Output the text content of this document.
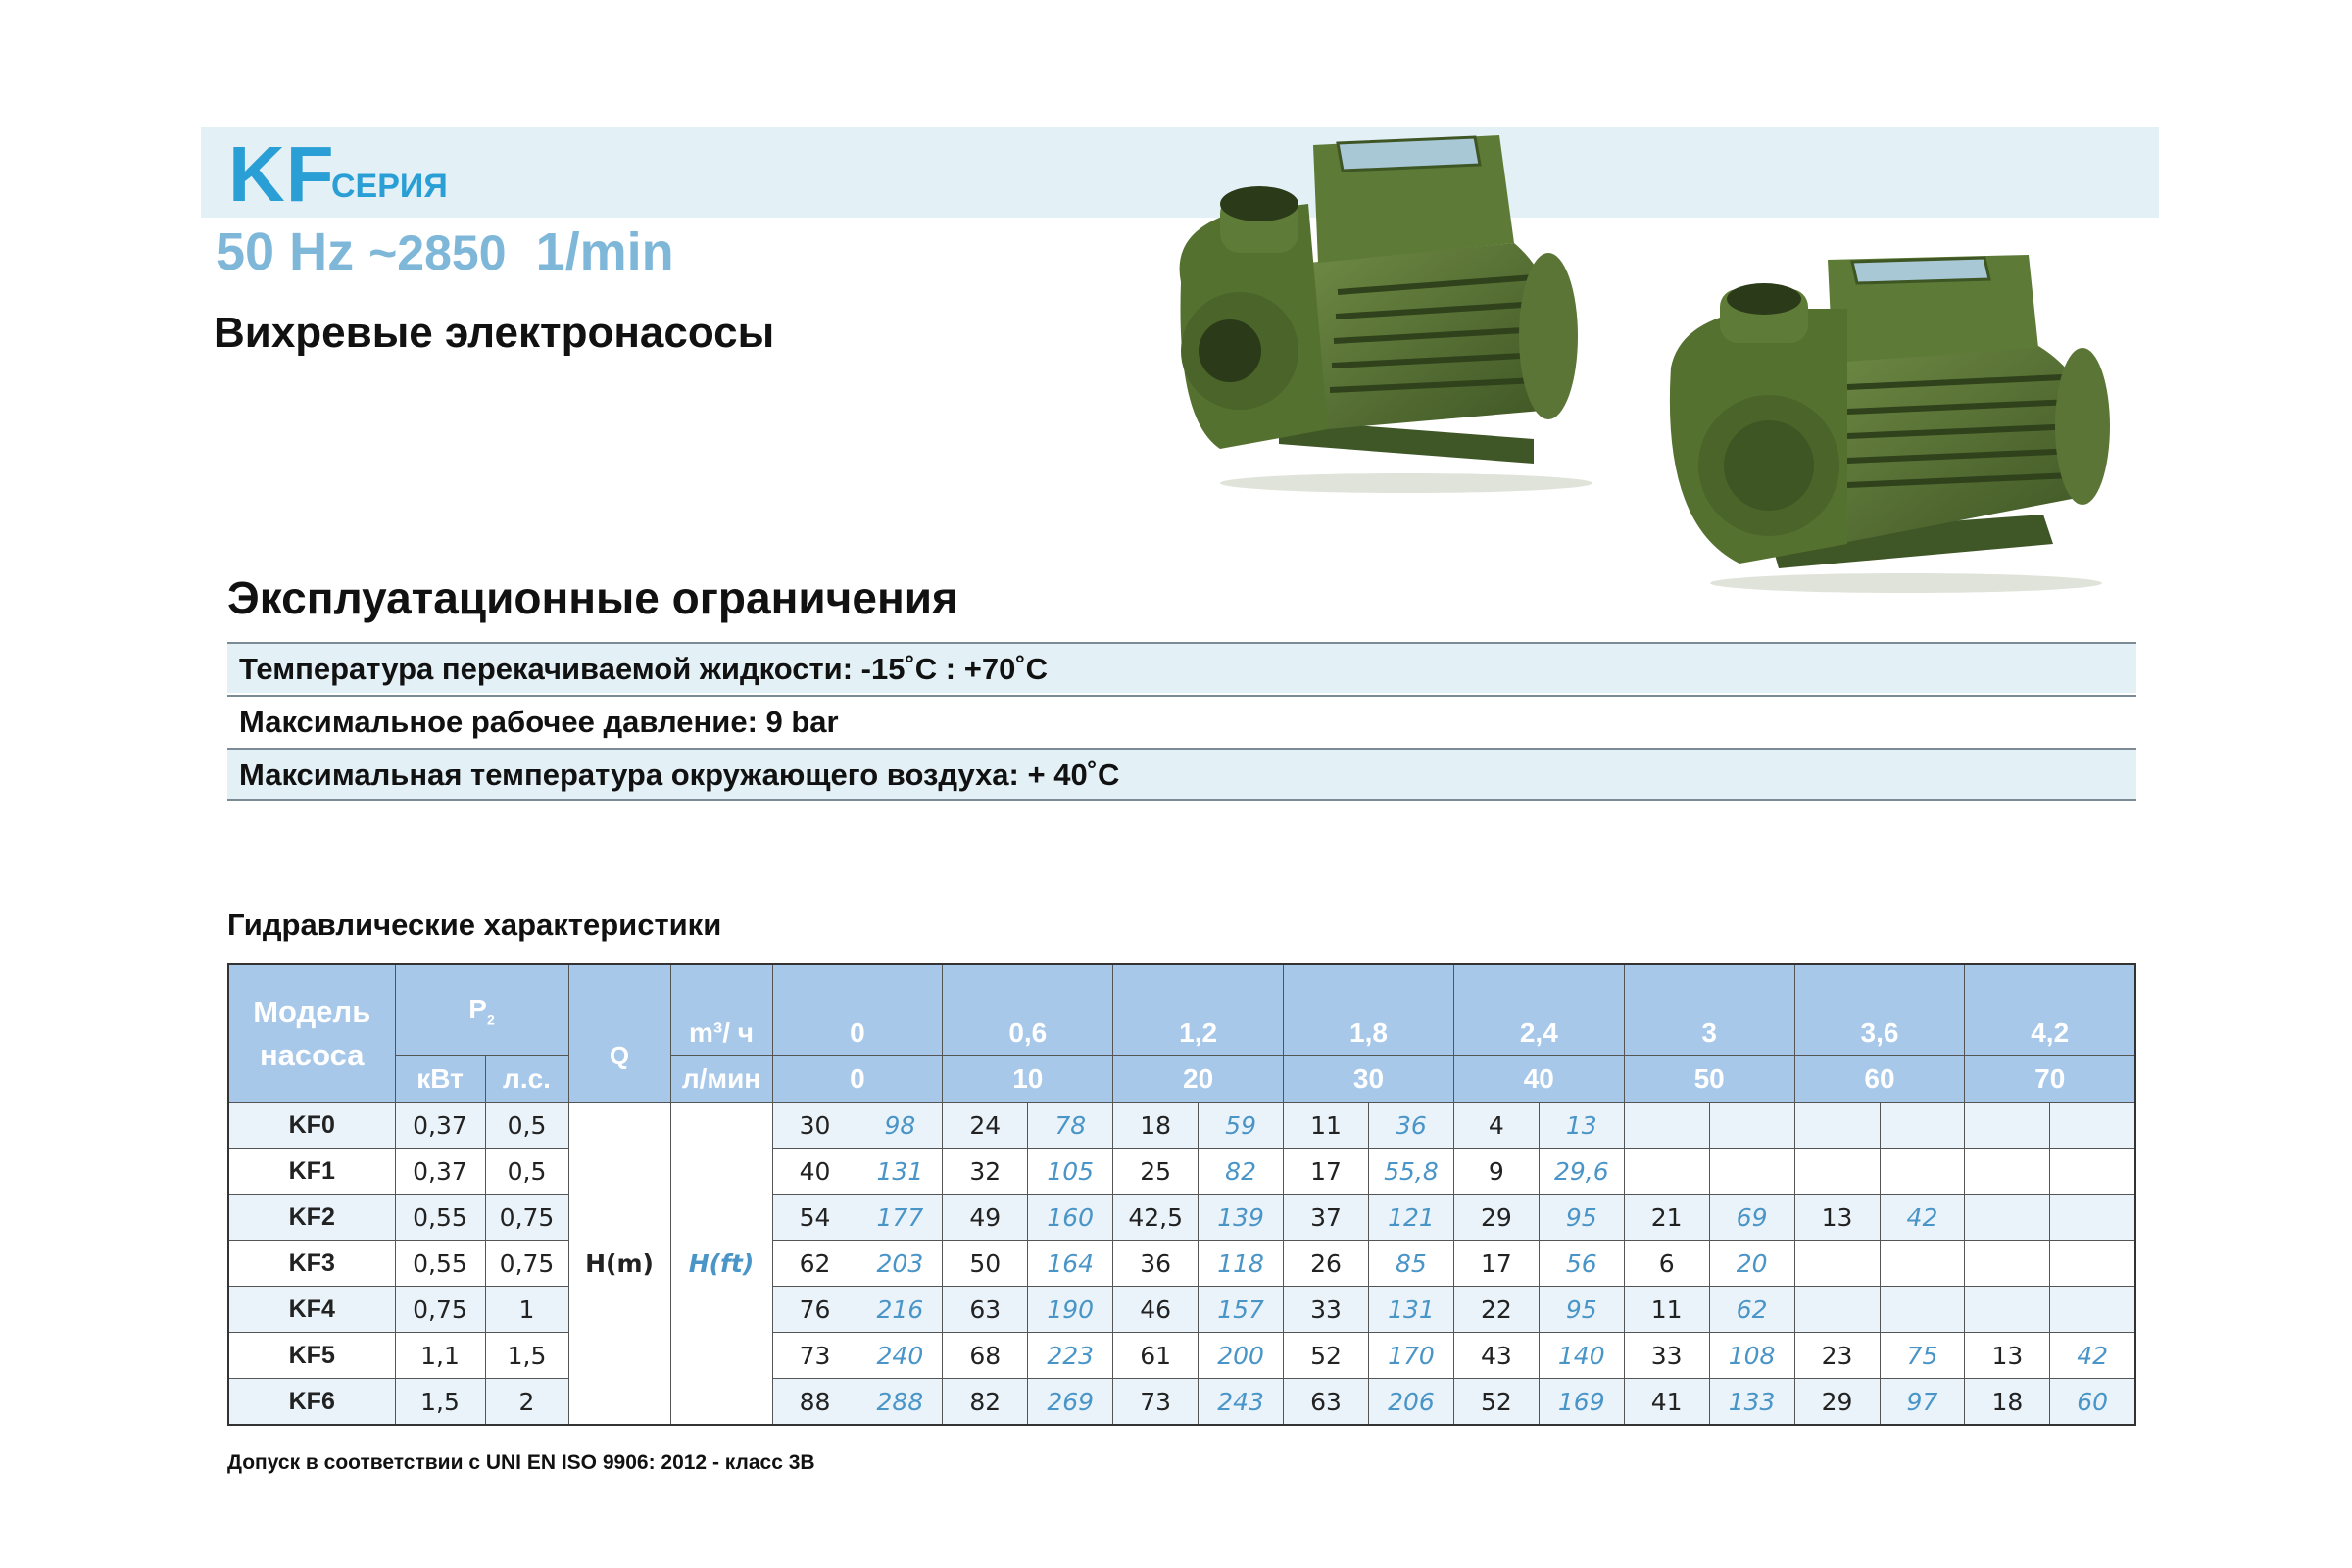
KF
СЕРИЯ
50 Hz ~2850 1/min
Вихревые электронасосы
Эксплуатационные ограничения
Температура перекачиваемой жидкости: -15˚С : +70˚С
Максимальное рабочее давление: 9 bar
Максимальная температура окружающего воздуха: + 40˚С
Гидравлические характеристики
Модель насоса	$P_2$										
			Q	m³/ ч	0		0,6		1,2		1,8		2,4		3		3,6		4,2	
	кВт	л.с.		л/мин	0		10		20		30		40		50		60		70	
KF0	0,37	0,5	H(m)	H(ft)	30	98	24	78	18	59	11	36	4	13						
KF1	0,37	0,5			40	131	32	105	25	82	17	55,8	9	29,6						
KF2	0,55	0,75			54	177	49	160	42,5	139	37	121	29	95	21	69	13	42		
KF3	0,55	0,75			62	203	50	164	36	118	26	85	17	56	6	20				
KF4	0,75	1			76	216	63	190	46	157	33	131	22	95	11	62				
KF5	1,1	1,5			73	240	68	223	61	200	52	170	43	140	33	108	23	75	13	42
KF6	1,5	2			88	288	82	269	73	243	63	206	52	169	41	133	29	97	18	60
Допуск в соответствии с UNI EN ISO 9906: 2012 - класс 3B
